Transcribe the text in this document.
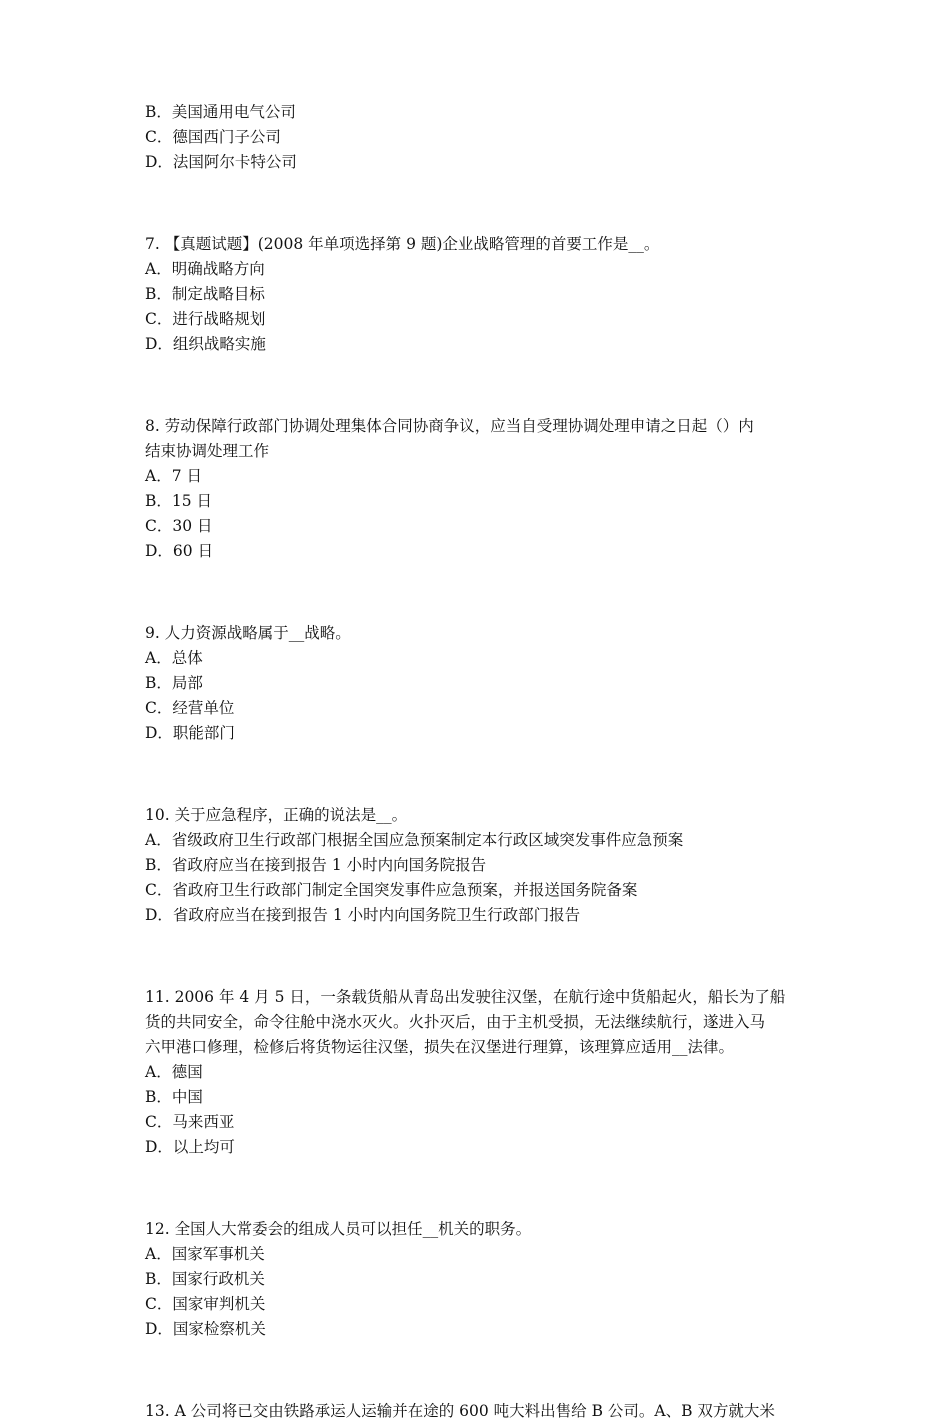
B．美国通用电气公司

C．德国西门子公司

D．法国阿尔卡特公司

7. 【真题试题】(2008 年单项选择第 9 题)企业战略管理的首要工作是__。

A．明确战略方向

B．制定战略目标

C．进行战略规划

D．组织战略实施

8. 劳动保障行政部门协调处理集体合同协商争议，应当自受理协调处理申请之日起（）内

结束协调处理工作

A．7 日

B．15 日

C．30 日

D．60 日

9. 人力资源战略属于__战略。

A．总体

B．局部

C．经营单位

D．职能部门

10. 关于应急程序，正确的说法是__。

A．省级政府卫生行政部门根据全国应急预案制定本行政区域突发事件应急预案

B．省政府应当在接到报告 1 小时内向国务院报告

C．省政府卫生行政部门制定全国突发事件应急预案，并报送国务院备案

D．省政府应当在接到报告 1 小时内向国务院卫生行政部门报告

11. 2006 年 4 月 5 日，一条载货船从青岛出发驶往汉堡，在航行途中货船起火，船长为了船

货的共同安全，命令往舱中浇水灭火。火扑灭后，由于主机受损，无法继续航行，遂进入马

六甲港口修理，检修后将货物运往汉堡，损失在汉堡进行理算，该理算应适用__法律。

A．德国

B．中国

C．马来西亚

D．以上均可

12. 全国人大常委会的组成人员可以担任__机关的职务。

A．国家军事机关

B．国家行政机关

C．国家审判机关

D．国家检察机关

13. A 公司将已交由铁路承运人运输并在途的 600 吨大料出售给 B 公司。A、B 双方就大米
